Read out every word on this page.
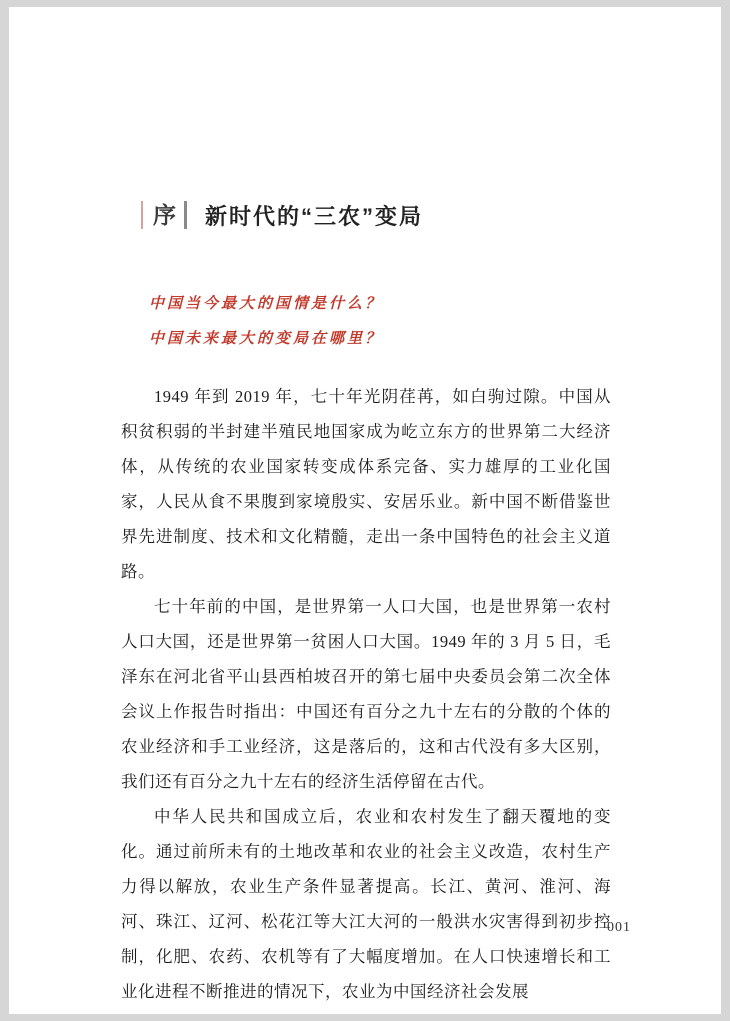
序	新时代的“三农”变局

中国当今最大的国情是什么？

中国未来最大的变局在哪里？

1949 年到 2019 年，七十年光阴荏苒，如白驹过隙。中国从积贫积弱的半封建半殖民地国家成为屹立东方的世界第二大经济体，从传统的农业国家转变成体系完备、实力雄厚的工业化国家，人民从食不果腹到家境殷实、安居乐业。新中国不断借鉴世界先进制度、技术和文化精髓，走出一条中国特色的社会主义道路。

七十年前的中国，是世界第一人口大国，也是世界第一农村人口大国，还是世界第一贫困人口大国。1949 年的 3 月 5 日，毛泽东在河北省平山县西柏坡召开的第七届中央委员会第二次全体会议上作报告时指出：中国还有百分之九十左右的分散的个体的农业经济和手工业经济，这是落后的，这和古代没有多大区别，我们还有百分之九十左右的经济生活停留在古代。

中华人民共和国成立后，农业和农村发生了翻天覆地的变化。通过前所未有的土地改革和农业的社会主义改造，农村生产力得以解放，农业生产条件显著提高。长江、黄河、淮河、海河、珠江、辽河、松花江等大江大河的一般洪水灾害得到初步控制，化肥、农药、农机等有了大幅度增加。在人口快速增长和工业化进程不断推进的情况下，农业为中国经济社会发展

001
